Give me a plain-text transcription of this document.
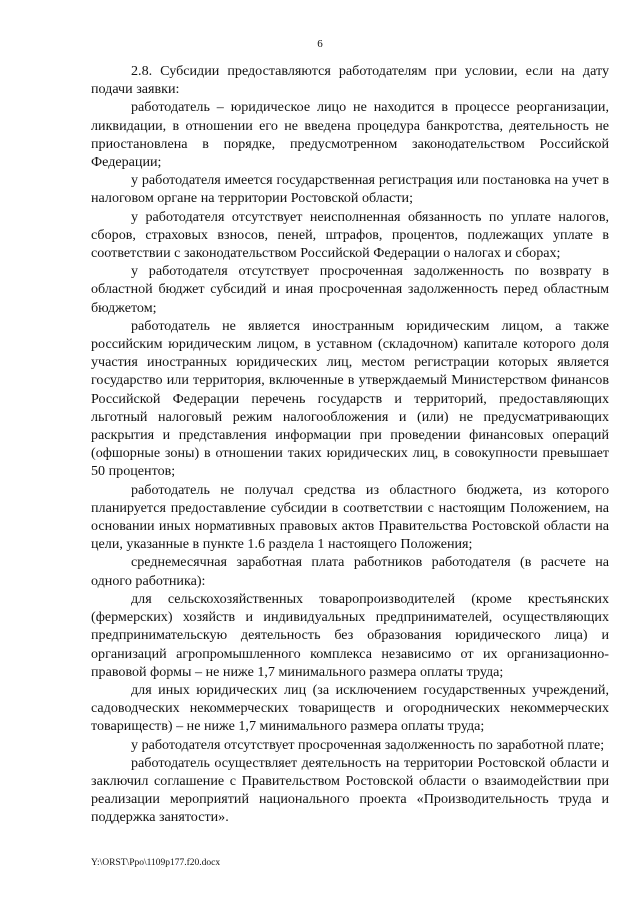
6

2.8. Субсидии предоставляются работодателям при условии, если на дату подачи заявки:

работодатель – юридическое лицо не находится в процессе реорганизации, ликвидации, в отношении его не введена процедура банкротства, деятельность не приостановлена в порядке, предусмотренном законодательством Российской Федерации;

у работодателя имеется государственная регистрация или постановка на учет в налоговом органе на территории Ростовской области;

у работодателя отсутствует неисполненная обязанность по уплате налогов, сборов, страховых взносов, пеней, штрафов, процентов, подлежащих уплате в соответствии с законодательством Российской Федерации о налогах и сборах;

у работодателя отсутствует просроченная задолженность по возврату в областной бюджет субсидий и иная просроченная задолженность перед областным бюджетом;

работодатель не является иностранным юридическим лицом, а также российским юридическим лицом, в уставном (складочном) капитале которого доля участия иностранных юридических лиц, местом регистрации которых является государство или территория, включенные в утверждаемый Министерством финансов Российской Федерации перечень государств и территорий, предоставляющих льготный налоговый режим налогообложения и (или) не предусматривающих раскрытия и представления информации при проведении финансовых операций (офшорные зоны) в отношении таких юридических лиц, в совокупности превышает 50 процентов;

работодатель не получал средства из областного бюджета, из которого планируется предоставление субсидии в соответствии с настоящим Положением, на основании иных нормативных правовых актов Правительства Ростовской области на цели, указанные в пункте 1.6 раздела 1 настоящего Положения;

среднемесячная заработная плата работников работодателя (в расчете на одного работника):

для сельскохозяйственных товаропроизводителей (кроме крестьянских (фермерских) хозяйств и индивидуальных предпринимателей, осуществляющих предпринимательскую деятельность без образования юридического лица) и организаций агропромышленного комплекса независимо от их организационно-правовой формы – не ниже 1,7 минимального размера оплаты труда;

для иных юридических лиц (за исключением государственных учреждений, садоводческих некоммерческих товариществ и огороднических некоммерческих товариществ) – не ниже 1,7 минимального размера оплаты труда;

у работодателя отсутствует просроченная задолженность по заработной плате;

работодатель осуществляет деятельность на территории Ростовской области и заключил соглашение с Правительством Ростовской области о взаимодействии при реализации мероприятий национального проекта «Производительность труда и поддержка занятости».

Y:\ORST\Ppo\1109p177.f20.docx
